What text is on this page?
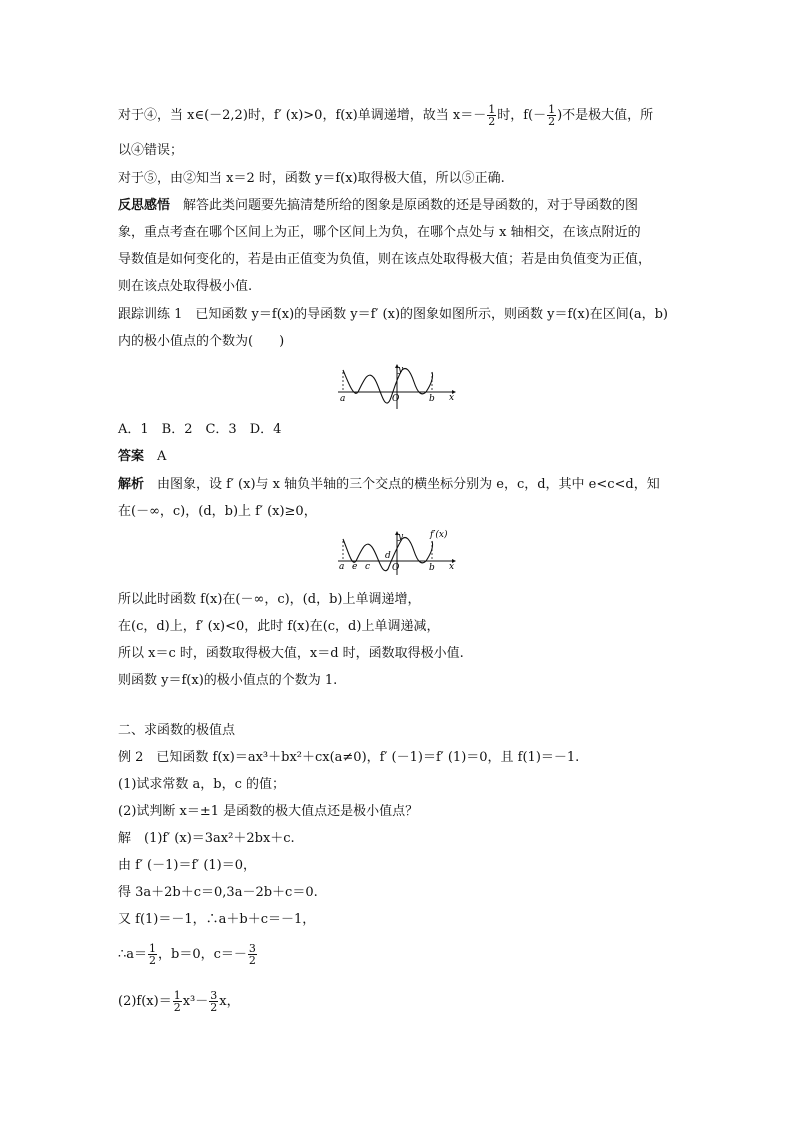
对于④，当 x∈(－2,2)时，f′ (x)>0，f(x)单调递增，故当 $x=- \frac{1}{2}$ 时，$f(- \frac{1}{2}$ )不是极大值，所
以④错误；
对于⑤，由②知当 x＝2 时，函数 y＝f(x)取得极大值，所以⑤正确.
反思感悟　解答此类问题要先搞清楚所给的图象是原函数的还是导函数的，对于导函数的图
象，重点考查在哪个区间上为正，哪个区间上为负，在哪个点处与 x 轴相交，在该点附近的
导数值是如何变化的，若是由正值变为负值，则在该点处取得极大值；若是由负值变为正值，
则在该点处取得极小值.
跟踪训练 1　已知函数 y＝f(x)的导函数 y＝f′ (x)的图象如图所示，则函数 y＝f(x)在区间(a，b)
内的极小值点的个数为(　　)
y
a	O	b x
A．1　B．2　C．3　D．4
答案　A
解析　由图象，设 f′ (x)与 x 轴负半轴的三个交点的横坐标分别为 e，c，d，其中 e<c<d，知
在(－∞，c)，(d，b)上 f′ (x)≥0，
y	f′(x)
a e c
d
O	b x
所以此时函数 f(x)在(－∞，c)，(d，b)上单调递增，
在(c，d)上，f′ (x)<0，此时 f(x)在(c，d)上单调递减，
所以 x＝c 时，函数取得极大值，x＝d 时，函数取得极小值.
则函数 y＝f(x)的极小值点的个数为 1.
二、求函数的极值点
例 2　已知函数 f(x)＝ax³＋bx²＋cx(a≠0)，f′ (－1)＝f′ (1)＝0，且 f(1)＝－1.
(1)试求常数 a，b，c 的值；
(2)试判断 x＝±1 是函数的极大值点还是极小值点？
解　(1)f′ (x)＝3ax²＋2bx＋c.
由 f′ (－1)＝f′ (1)＝0，
得 3a＋2b＋c＝0,3a－2b＋c＝0.
又 f(1)＝－1，∴a＋b＋c＝－1，
∴a＝ $\frac{1}{2}$ ，b＝0，$c=- \frac{3}{2}$
$(2)f(x)= \frac{1}{2} x^3- \frac{3}{2}$ x，
